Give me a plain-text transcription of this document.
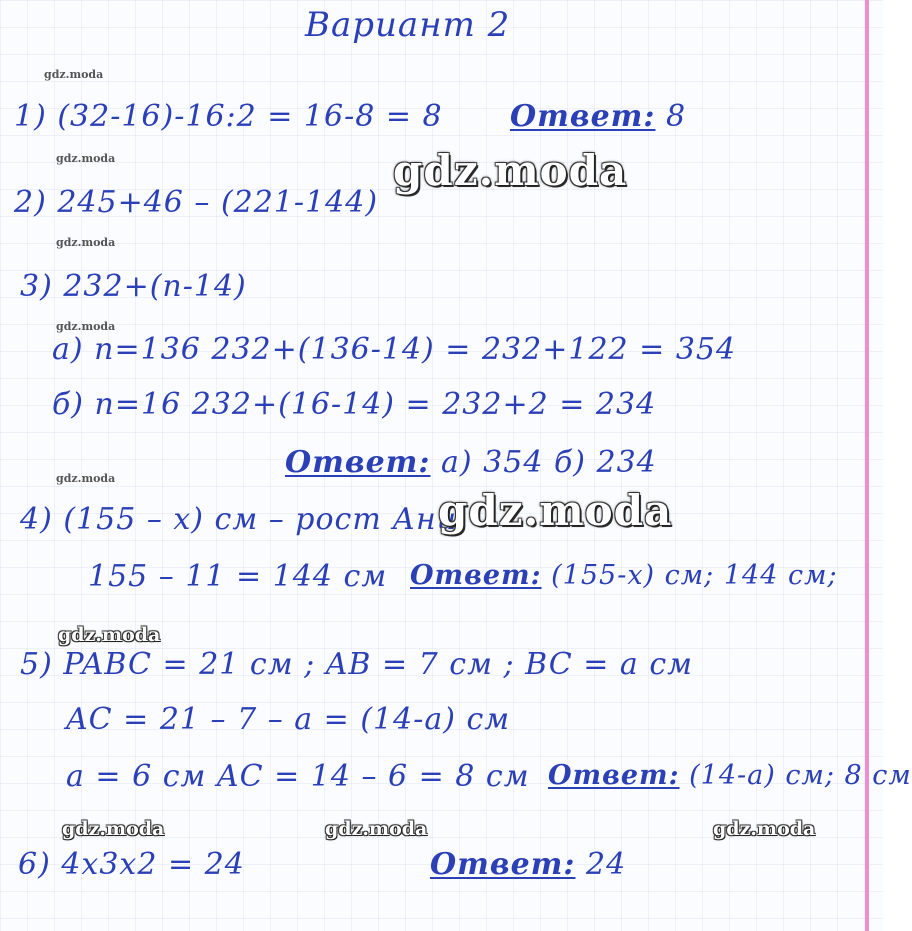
Вариант 2
1) (32-16)-16:2 = 16-8 = 8 Ответ: 8
2) 245+46 – (221-144)
3) 232+(n-14)
а) n=136 232+(136-14) = 232+122 = 354
б) n=16 232+(16-14) = 232+2 = 234
Ответ: а) 354 б) 234
4) (155 – x) см – рост Ани
155 – 11 = 144 см Ответ: (155-x) см; 144 см;
5) PABC = 21 см ; AB = 7 см ; BC = a см
AC = 21 – 7 – a = (14-a) см
a = 6 см AC = 14 – 6 = 8 см Ответ: (14-a) см; 8 см
6) 4x3x2 = 24	Ответ: 24
gdz.moda
gdz.moda
gdz.moda
gdz.moda
gdz.moda
gdz.moda
gdz.moda
gdz.moda
gdz.moda	gdz.moda	gdz.moda
